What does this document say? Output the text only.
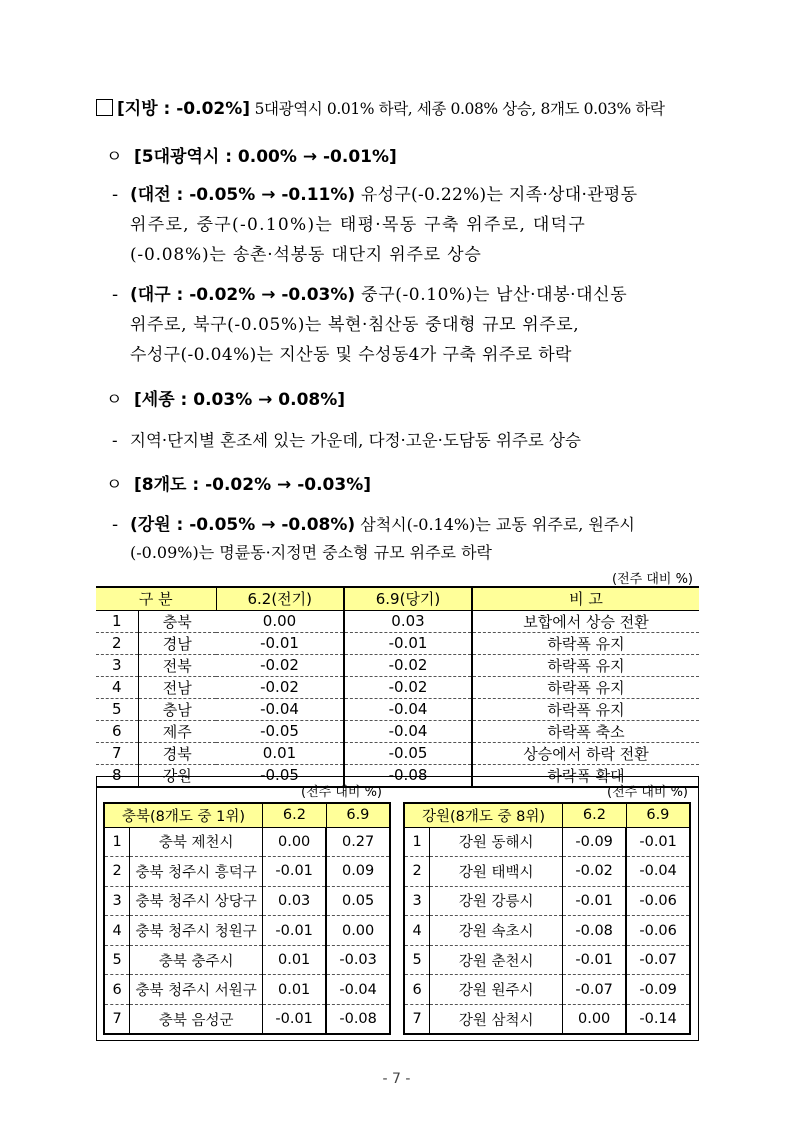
[지방 : -0.02%] 5대광역시 0.01% 하락, 세종 0.08% 상승, 8개도 0.03% 하락
ㅇ [5대광역시 : 0.00% → -0.01%]
- (대전 : -0.05% → -0.11%) 유성구(-0.22%)는 지족·상대·관평동
위주로, 중구(-0.10%)는 태평·목동 구축 위주로, 대덕구
(-0.08%)는 송촌·석봉동 대단지 위주로 상승
- (대구 : -0.02% → -0.03%) 중구(-0.10%)는 남산·대봉·대신동
위주로, 북구(-0.05%)는 복현·침산동 중대형 규모 위주로,
수성구(-0.04%)는 지산동 및 수성동4가 구축 위주로 하락
ㅇ [세종 : 0.03% → 0.08%]
- 지역·단지별 혼조세 있는 가운데, 다정·고운·도담동 위주로 상승
ㅇ [8개도 : -0.02% → -0.03%]
- (강원 : -0.05% → -0.08%) 삼척시(-0.14%)는 교동 위주로, 원주시
(-0.09%)는 명륜동·지정면 중소형 규모 위주로 하락
(전주 대비 %)
구 분		6.2(전기)	6.9(당기)	비 고
1	충북	0.00	0.03	보합에서 상승 전환
2	경남	-0.01	-0.01	하락폭 유지
3	전북	-0.02	-0.02	하락폭 유지
4	전남	-0.02	-0.02	하락폭 유지
5	충남	-0.04	-0.04	하락폭 유지
6	제주	-0.05	-0.04	하락폭 축소
7	경북	0.01	-0.05	상승에서 하락 전환
8	강원	-0.05	-0.08	하락폭 확대
(전주 대비 %)	(전주 대비 %)
충북(8개도 중 1위)		6.2	6.9
1	충북 제천시	0.00	0.27
2	충북 청주시 흥덕구	-0.01	0.09
3	충북 청주시 상당구	0.03	0.05
4	충북 청주시 청원구	-0.01	0.00
5	충북 충주시	0.01	-0.03
6	충북 청주시 서원구	0.01	-0.04
7	충북 음성군	-0.01	-0.08
강원(8개도 중 8위)		6.2	6.9
1	강원 동해시	-0.09	-0.01
2	강원 태백시	-0.02	-0.04
3	강원 강릉시	-0.01	-0.06
4	강원 속초시	-0.08	-0.06
5	강원 춘천시	-0.01	-0.07
6	강원 원주시	-0.07	-0.09
7	강원 삼척시	0.00	-0.14
- 7 -
